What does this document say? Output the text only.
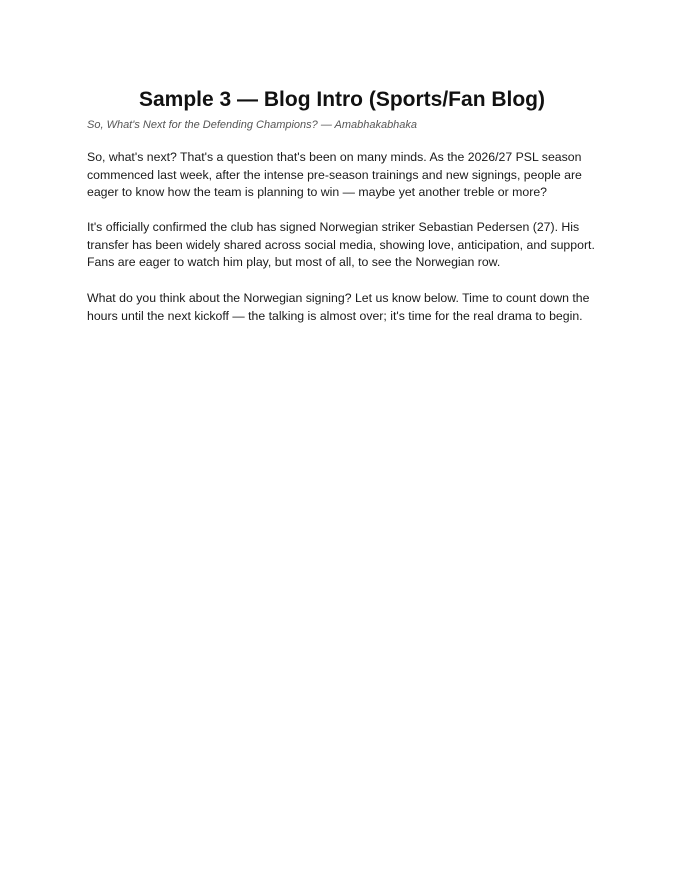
Sample 3 — Blog Intro (Sports/Fan Blog)
So, What's Next for the Defending Champions? — Amabhakabhaka

So, what's next? That's a question that's been on many minds. As the 2026/27 PSL season
commenced last week, after the intense pre-season trainings and new signings, people are
eager to know how the team is planning to win — maybe yet another treble or more?

It's officially confirmed the club has signed Norwegian striker Sebastian Pedersen (27). His
transfer has been widely shared across social media, showing love, anticipation, and support.
Fans are eager to watch him play, but most of all, to see the Norwegian row.

What do you think about the Norwegian signing? Let us know below. Time to count down the
hours until the next kickoff — the talking is almost over; it's time for the real drama to begin.
